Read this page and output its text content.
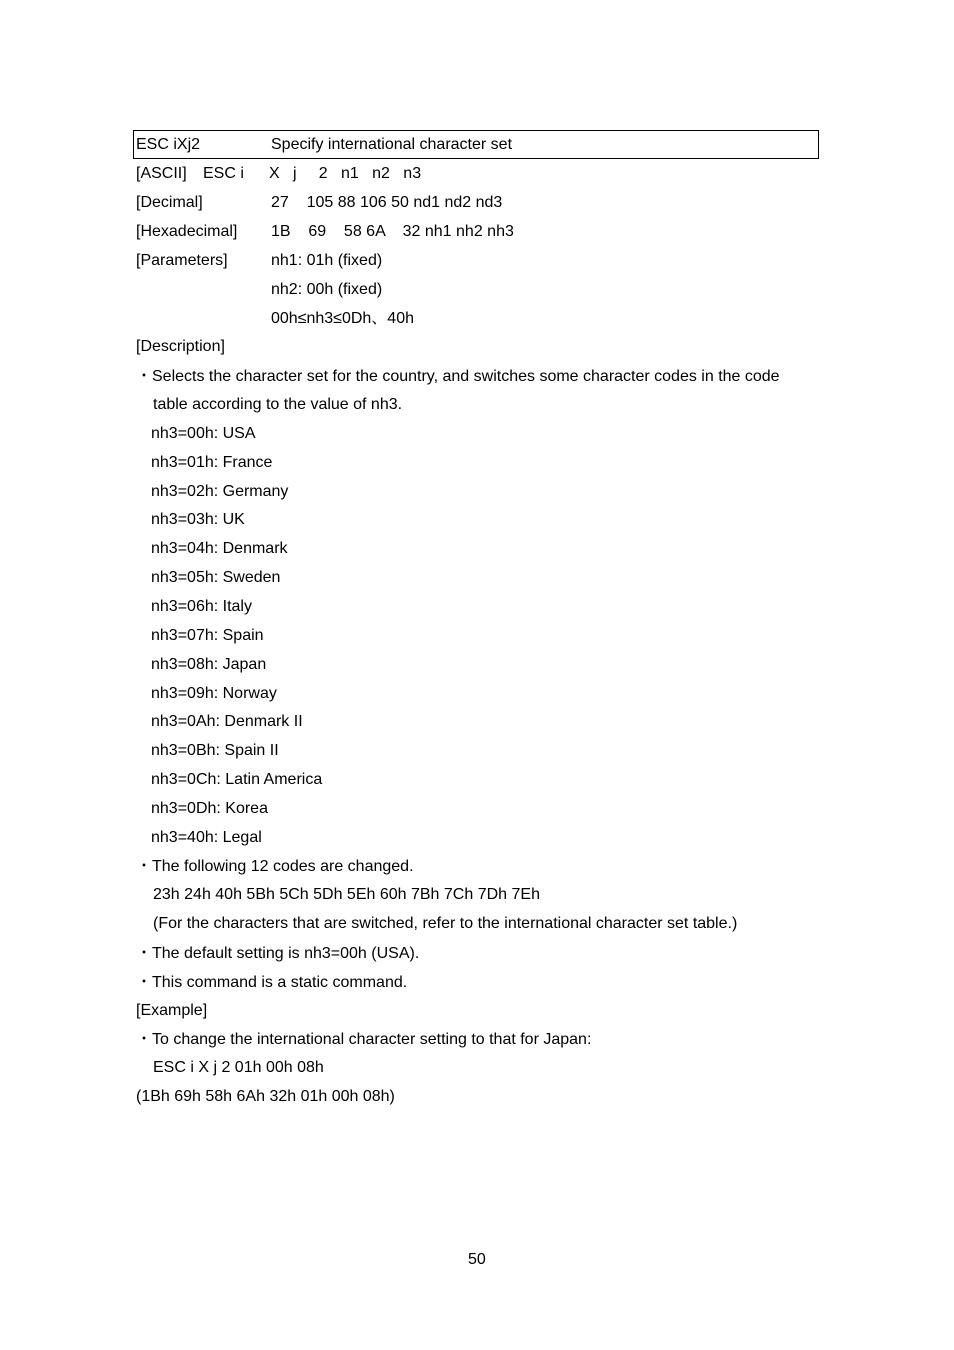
ESC iXj2	Specify international character set
[ASCII] ESC i X   j     2   n1   n2   n3
[Decimal]	27    105 88 106 50 nd1 nd2 nd3
[Hexadecimal] 1B    69    58 6A    32 nh1 nh2 nh3
[Parameters]	nh1: 01h (fixed)
nh2: 00h (fixed)
00h≤nh3≤0Dh、40h
[Description]
・Selects the character set for the country, and switches some character codes in the code
table according to the value of nh3.
nh3=00h: USA
nh3=01h: France
nh3=02h: Germany
nh3=03h: UK
nh3=04h: Denmark
nh3=05h: Sweden
nh3=06h: Italy
nh3=07h: Spain
nh3=08h: Japan
nh3=09h: Norway
nh3=0Ah: Denmark II
nh3=0Bh: Spain II
nh3=0Ch: Latin America
nh3=0Dh: Korea
nh3=40h: Legal
・The following 12 codes are changed.
23h 24h 40h 5Bh 5Ch 5Dh 5Eh 60h 7Bh 7Ch 7Dh 7Eh
(For the characters that are switched, refer to the international character set table.)
・The default setting is nh3=00h (USA).
・This command is a static command.
[Example]
・To change the international character setting to that for Japan:
ESC i X j 2 01h 00h 08h
(1Bh 69h 58h 6Ah 32h 01h 00h 08h)
50
